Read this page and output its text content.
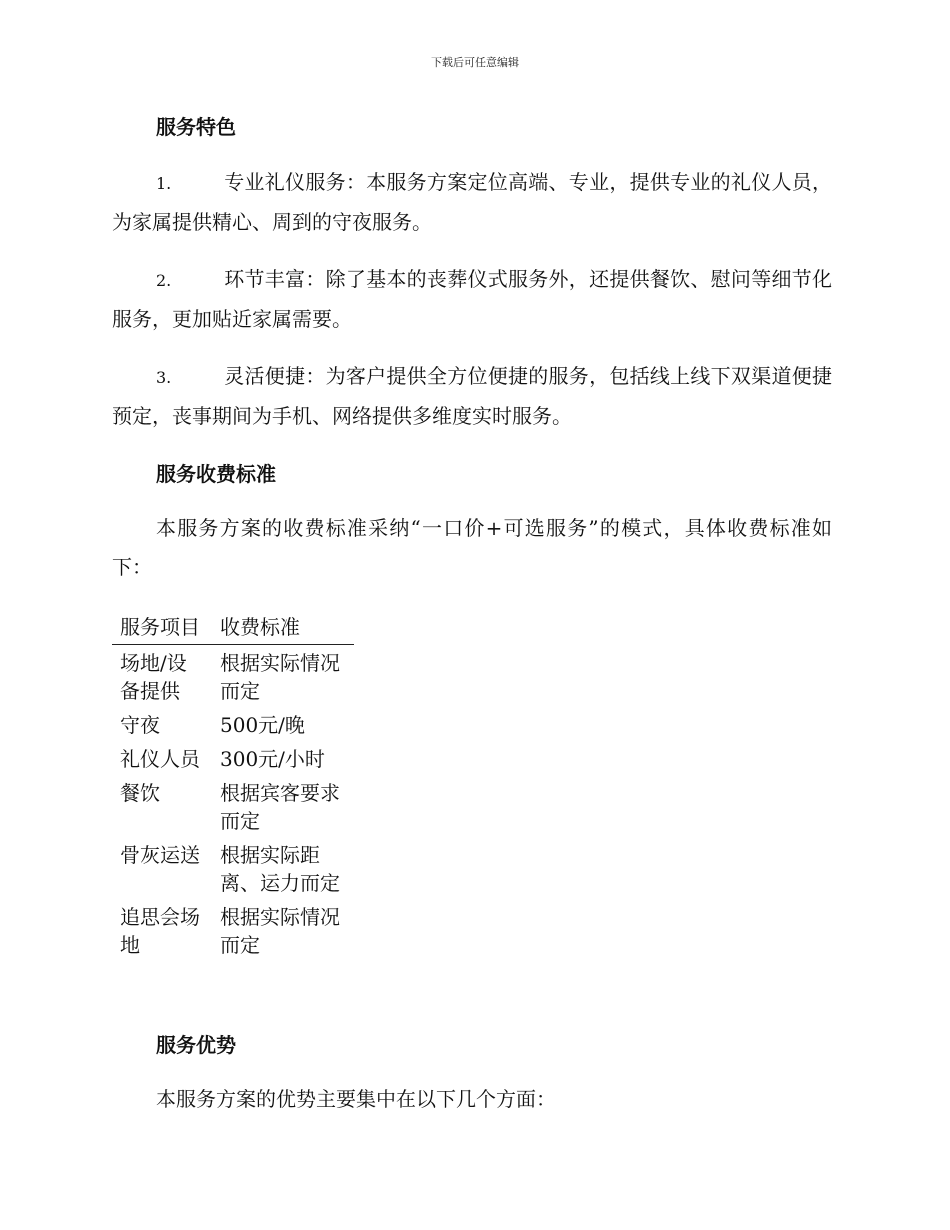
下载后可任意编辑
服务特色
1.	专业礼仪服务：本服务方案定位高端、专业，提供专业的礼仪人员，为家属提供精心、周到的守夜服务。
2.	环节丰富：除了基本的丧葬仪式服务外，还提供餐饮、慰问等细节化服务，更加贴近家属需要。
3.	灵活便捷：为客户提供全方位便捷的服务，包括线上线下双渠道便捷预定，丧事期间为手机、网络提供多维度实时服务。
服务收费标准
本服务方案的收费标准采纳“一口价+可选服务”的模式，具体收费标准如下：
服务项目	收费标准
场地/设备提供	根据实际情况而定
守夜	500元/晚
礼仪人员	300元/小时
餐饮	根据宾客要求而定
骨灰运送	根据实际距离、运力而定
追思会场地	根据实际情况而定
服务优势
本服务方案的优势主要集中在以下几个方面：
